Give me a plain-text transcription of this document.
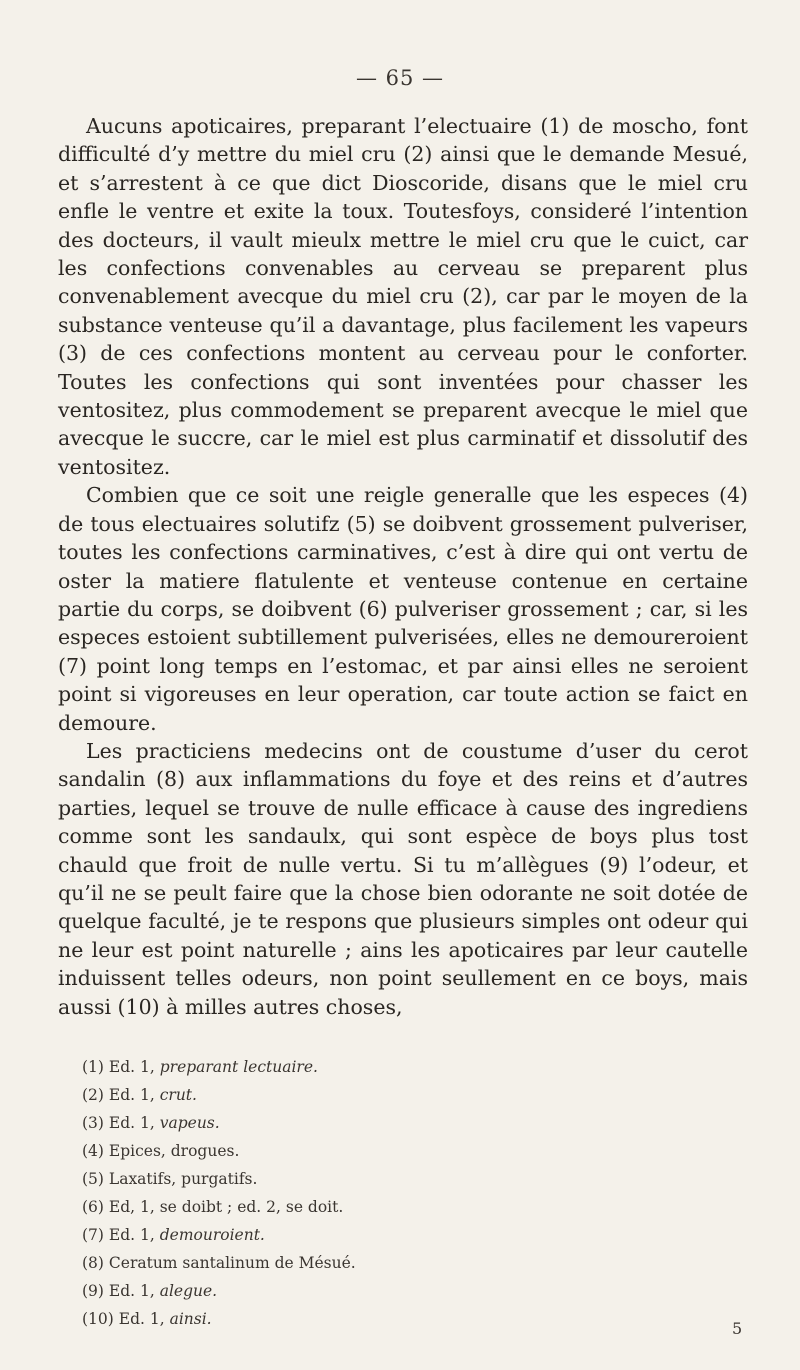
— 65 —

Aucuns apoticaires, preparant l’electuaire (1) de moscho, font difficulté d’y mettre du miel cru (2) ainsi que le demande Mesué, et s’arrestent à ce que dict Dioscoride, disans que le miel cru enfle le ventre et exite la toux. Toutesfoys, consideré l’intention des docteurs, il vault mieulx mettre le miel cru que le cuict, car les confections convenables au cerveau se preparent plus convenablement avecque du miel cru (2), car par le moyen de la substance venteuse qu’il a davantage, plus facilement les vapeurs (3) de ces confections montent au cerveau pour le conforter. Toutes les confections qui sont inventées pour chasser les ventositez, plus commodement se preparent avecque le miel que avecque le succre, car le miel est plus carminatif et dissolutif des ventositez.

Combien que ce soit une reigle generalle que les especes (4) de tous electuaires solutifz (5) se doibvent grossement pulveriser, toutes les confections carminatives, c’est à dire qui ont vertu de oster la matiere flatulente et venteuse contenue en certaine partie du corps, se doibvent (6) pulveriser grossement ; car, si les especes estoient subtillement pulverisées, elles ne demoureroient (7) point long temps en l’estomac, et par ainsi elles ne seroient point si vigoreuses en leur operation, car toute action se faict en demoure.

Les practiciens medecins ont de coustume d’user du cerot sandalin (8) aux inflammations du foye et des reins et d’autres parties, lequel se trouve de nulle efficace à cause des ingrediens comme sont les sandaulx, qui sont espèce de boys plus tost chauld que froit de nulle vertu. Si tu m’allègues (9) l’odeur, et qu’il ne se peult faire que la chose bien odorante ne soit dotée de quelque faculté, je te respons que plusieurs simples ont odeur qui ne leur est point naturelle ; ains les apoticaires par leur cautelle induissent telles odeurs, non point seullement en ce boys, mais aussi (10) à milles autres choses,

(1) Ed. 1, preparant lectuaire.
(2) Ed. 1, crut.
(3) Ed. 1, vapeus.
(4) Epices, drogues.
(5) Laxatifs, purgatifs.
(6) Ed, 1, se doibt ; ed. 2, se doit.
(7) Ed. 1, demouroient.
(8) Ceratum santalinum de Mésué.
(9) Ed. 1, alegue.
(10) Ed. 1, ainsi.	5
